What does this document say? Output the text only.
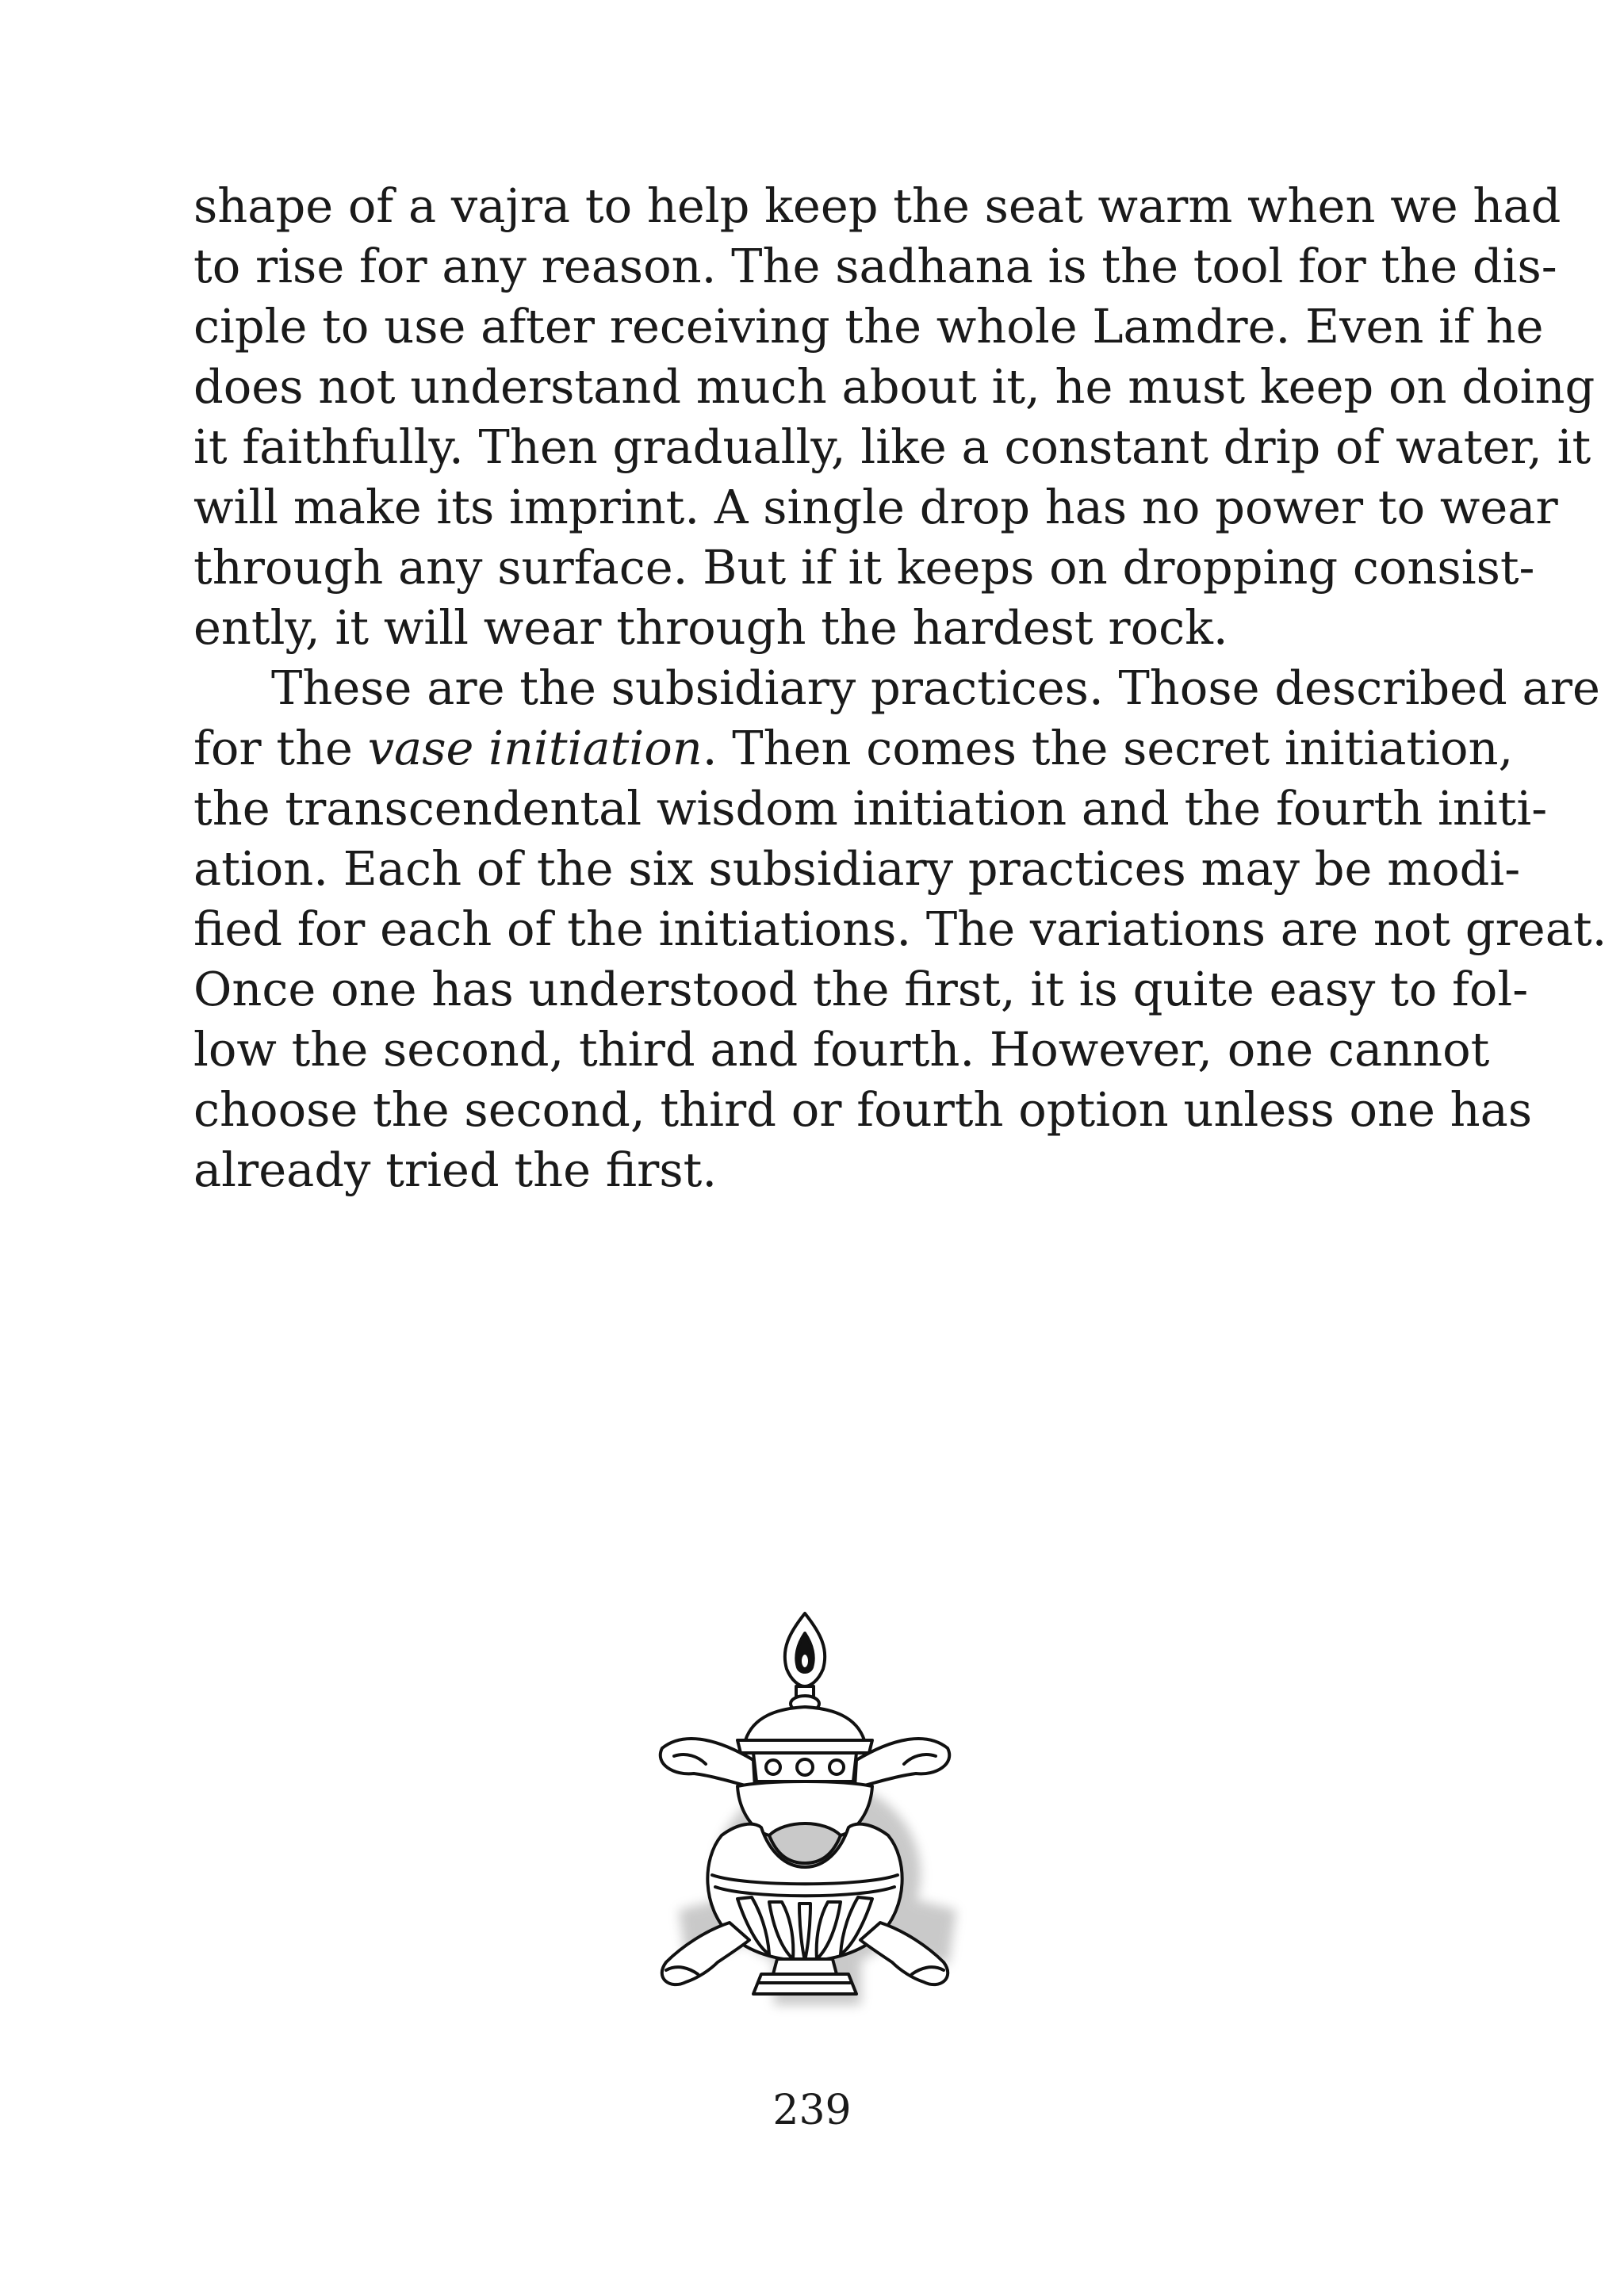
shape of a vajra to help keep the seat warm when we had
to rise for any reason. The sadhana is the tool for the dis-
ciple to use after receiving the whole Lamdre. Even if he
does not understand much about it, he must keep on doing
it faithfully. Then gradually, like a constant drip of water, it
will make its imprint. A single drop has no power to wear
through any surface. But if it keeps on dropping consist-
ently, it will wear through the hardest rock.
These are the subsidiary practices. Those described are
for the vase initiation. Then comes the secret initiation,
the transcendental wisdom initiation and the fourth initi-
ation. Each of the six subsidiary practices may be modi-
fied for each of the initiations. The variations are not great.
Once one has understood the first, it is quite easy to fol-
low the second, third and fourth. However, one cannot
choose the second, third or fourth option unless one has
already tried the first.
239
